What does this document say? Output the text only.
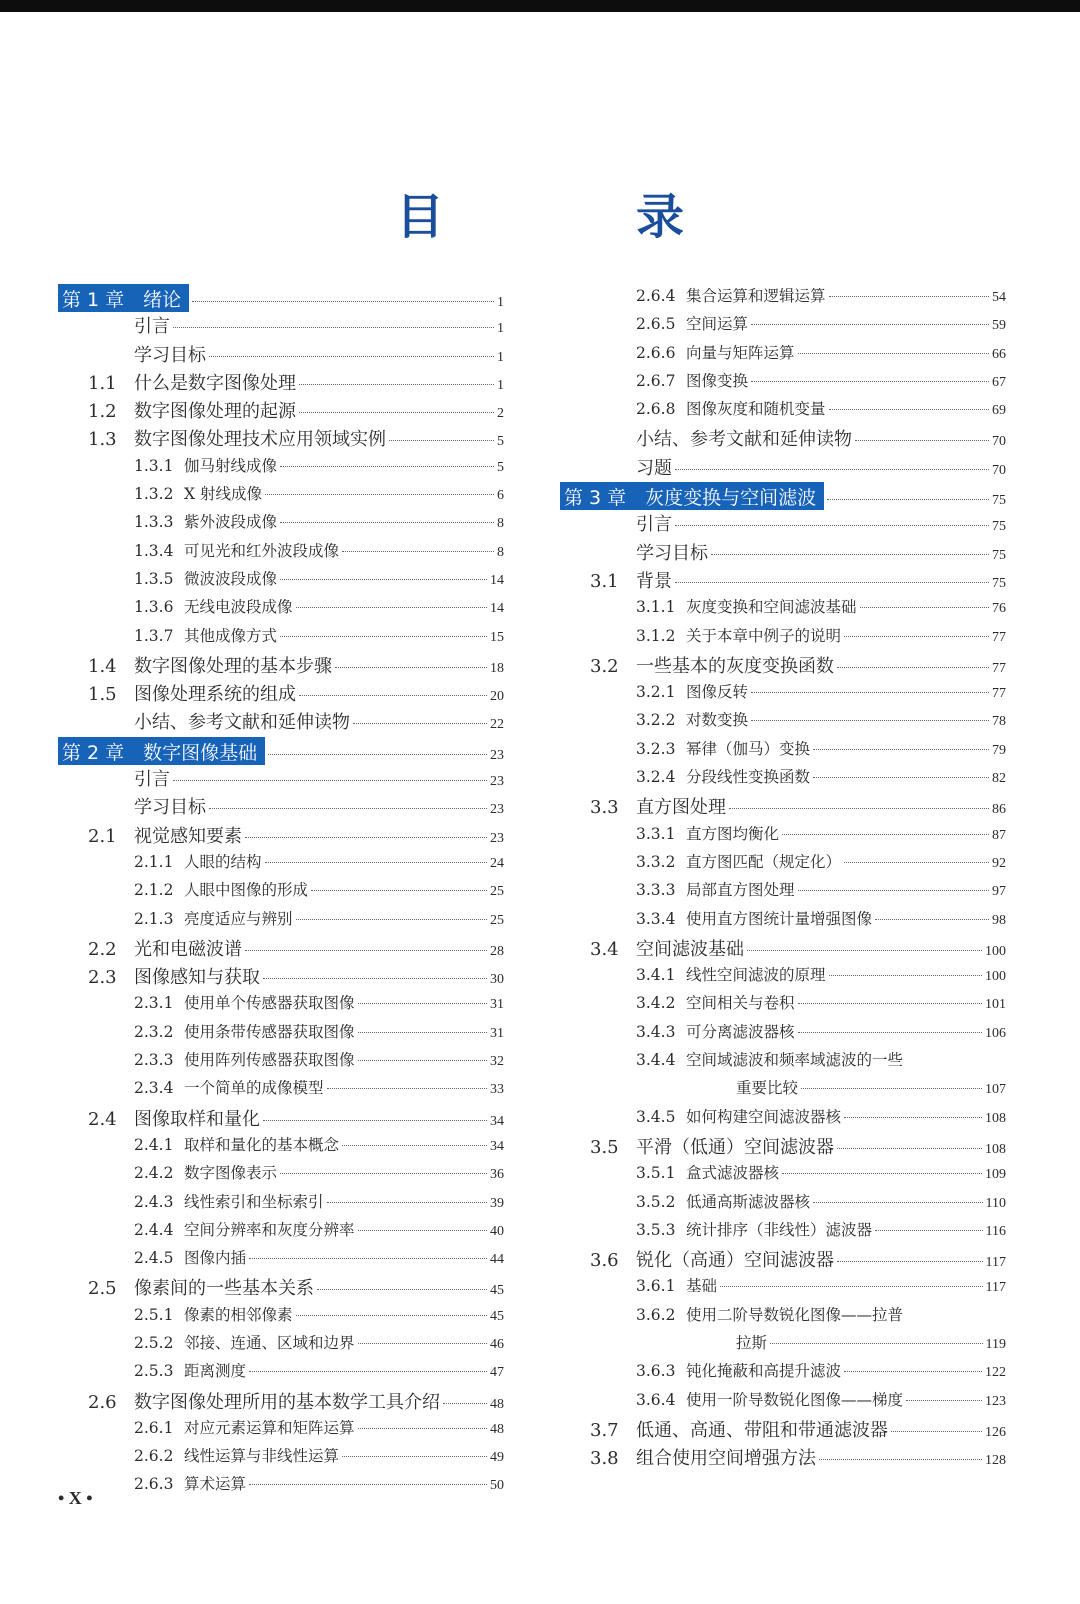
目　录
第 1 章　绪论	1
引言	1
学习目标	1
1.1 什么是数字图像处理	1
1.2 数字图像处理的起源	2
1.3 数字图像处理技术应用领域实例	5
1.3.1 伽马射线成像	5
1.3.2 X 射线成像	6
1.3.3 紫外波段成像	8
1.3.4 可见光和红外波段成像	8
1.3.5 微波波段成像	14
1.3.6 无线电波段成像	14
1.3.7 其他成像方式	15
1.4 数字图像处理的基本步骤	18
1.5 图像处理系统的组成	20
小结、参考文献和延伸读物	22
第 2 章　数字图像基础	23
引言	23
学习目标	23
2.1 视觉感知要素	23
2.1.1 人眼的结构	24
2.1.2 人眼中图像的形成	25
2.1.3 亮度适应与辨别	25
2.2 光和电磁波谱	28
2.3 图像感知与获取	30
2.3.1 使用单个传感器获取图像	31
2.3.2 使用条带传感器获取图像	31
2.3.3 使用阵列传感器获取图像	32
2.3.4 一个简单的成像模型	33
2.4 图像取样和量化	34
2.4.1 取样和量化的基本概念	34
2.4.2 数字图像表示	36
2.4.3 线性索引和坐标索引	39
2.4.4 空间分辨率和灰度分辨率	40
2.4.5 图像内插	44
2.5 像素间的一些基本关系	45
2.5.1 像素的相邻像素	45
2.5.2 邻接、连通、区域和边界	46
2.5.3 距离测度	47
2.6 数字图像处理所用的基本数学工具介绍	48
2.6.1 对应元素运算和矩阵运算	48
2.6.2 线性运算与非线性运算	49
2.6.3 算术运算	50
2.6.4 集合运算和逻辑运算	54
2.6.5 空间运算	59
2.6.6 向量与矩阵运算	66
2.6.7 图像变换	67
2.6.8 图像灰度和随机变量	69
小结、参考文献和延伸读物	70
习题	70
第 3 章　灰度变换与空间滤波	75
引言	75
学习目标	75
3.1 背景	75
3.1.1 灰度变换和空间滤波基础	76
3.1.2 关于本章中例子的说明	77
3.2 一些基本的灰度变换函数	77
3.2.1 图像反转	77
3.2.2 对数变换	78
3.2.3 幂律（伽马）变换	79
3.2.4 分段线性变换函数	82
3.3 直方图处理	86
3.3.1 直方图均衡化	87
3.3.2 直方图匹配（规定化）	92
3.3.3 局部直方图处理	97
3.3.4 使用直方图统计量增强图像	98
3.4 空间滤波基础	100
3.4.1 线性空间滤波的原理	100
3.4.2 空间相关与卷积	101
3.4.3 可分离滤波器核	106
3.4.4 空间域滤波和频率域滤波的一些
重要比较	107
3.4.5 如何构建空间滤波器核	108
3.5 平滑（低通）空间滤波器	108
3.5.1 盒式滤波器核	109
3.5.2 低通高斯滤波器核	110
3.5.3 统计排序（非线性）滤波器	116
3.6 锐化（高通）空间滤波器	117
3.6.1 基础	117
3.6.2 使用二阶导数锐化图像——拉普
拉斯	119
3.6.3 钝化掩蔽和高提升滤波	122
3.6.4 使用一阶导数锐化图像——梯度	123
3.7 低通、高通、带阻和带通滤波器	126
3.8 组合使用空间增强方法	128
• X •
